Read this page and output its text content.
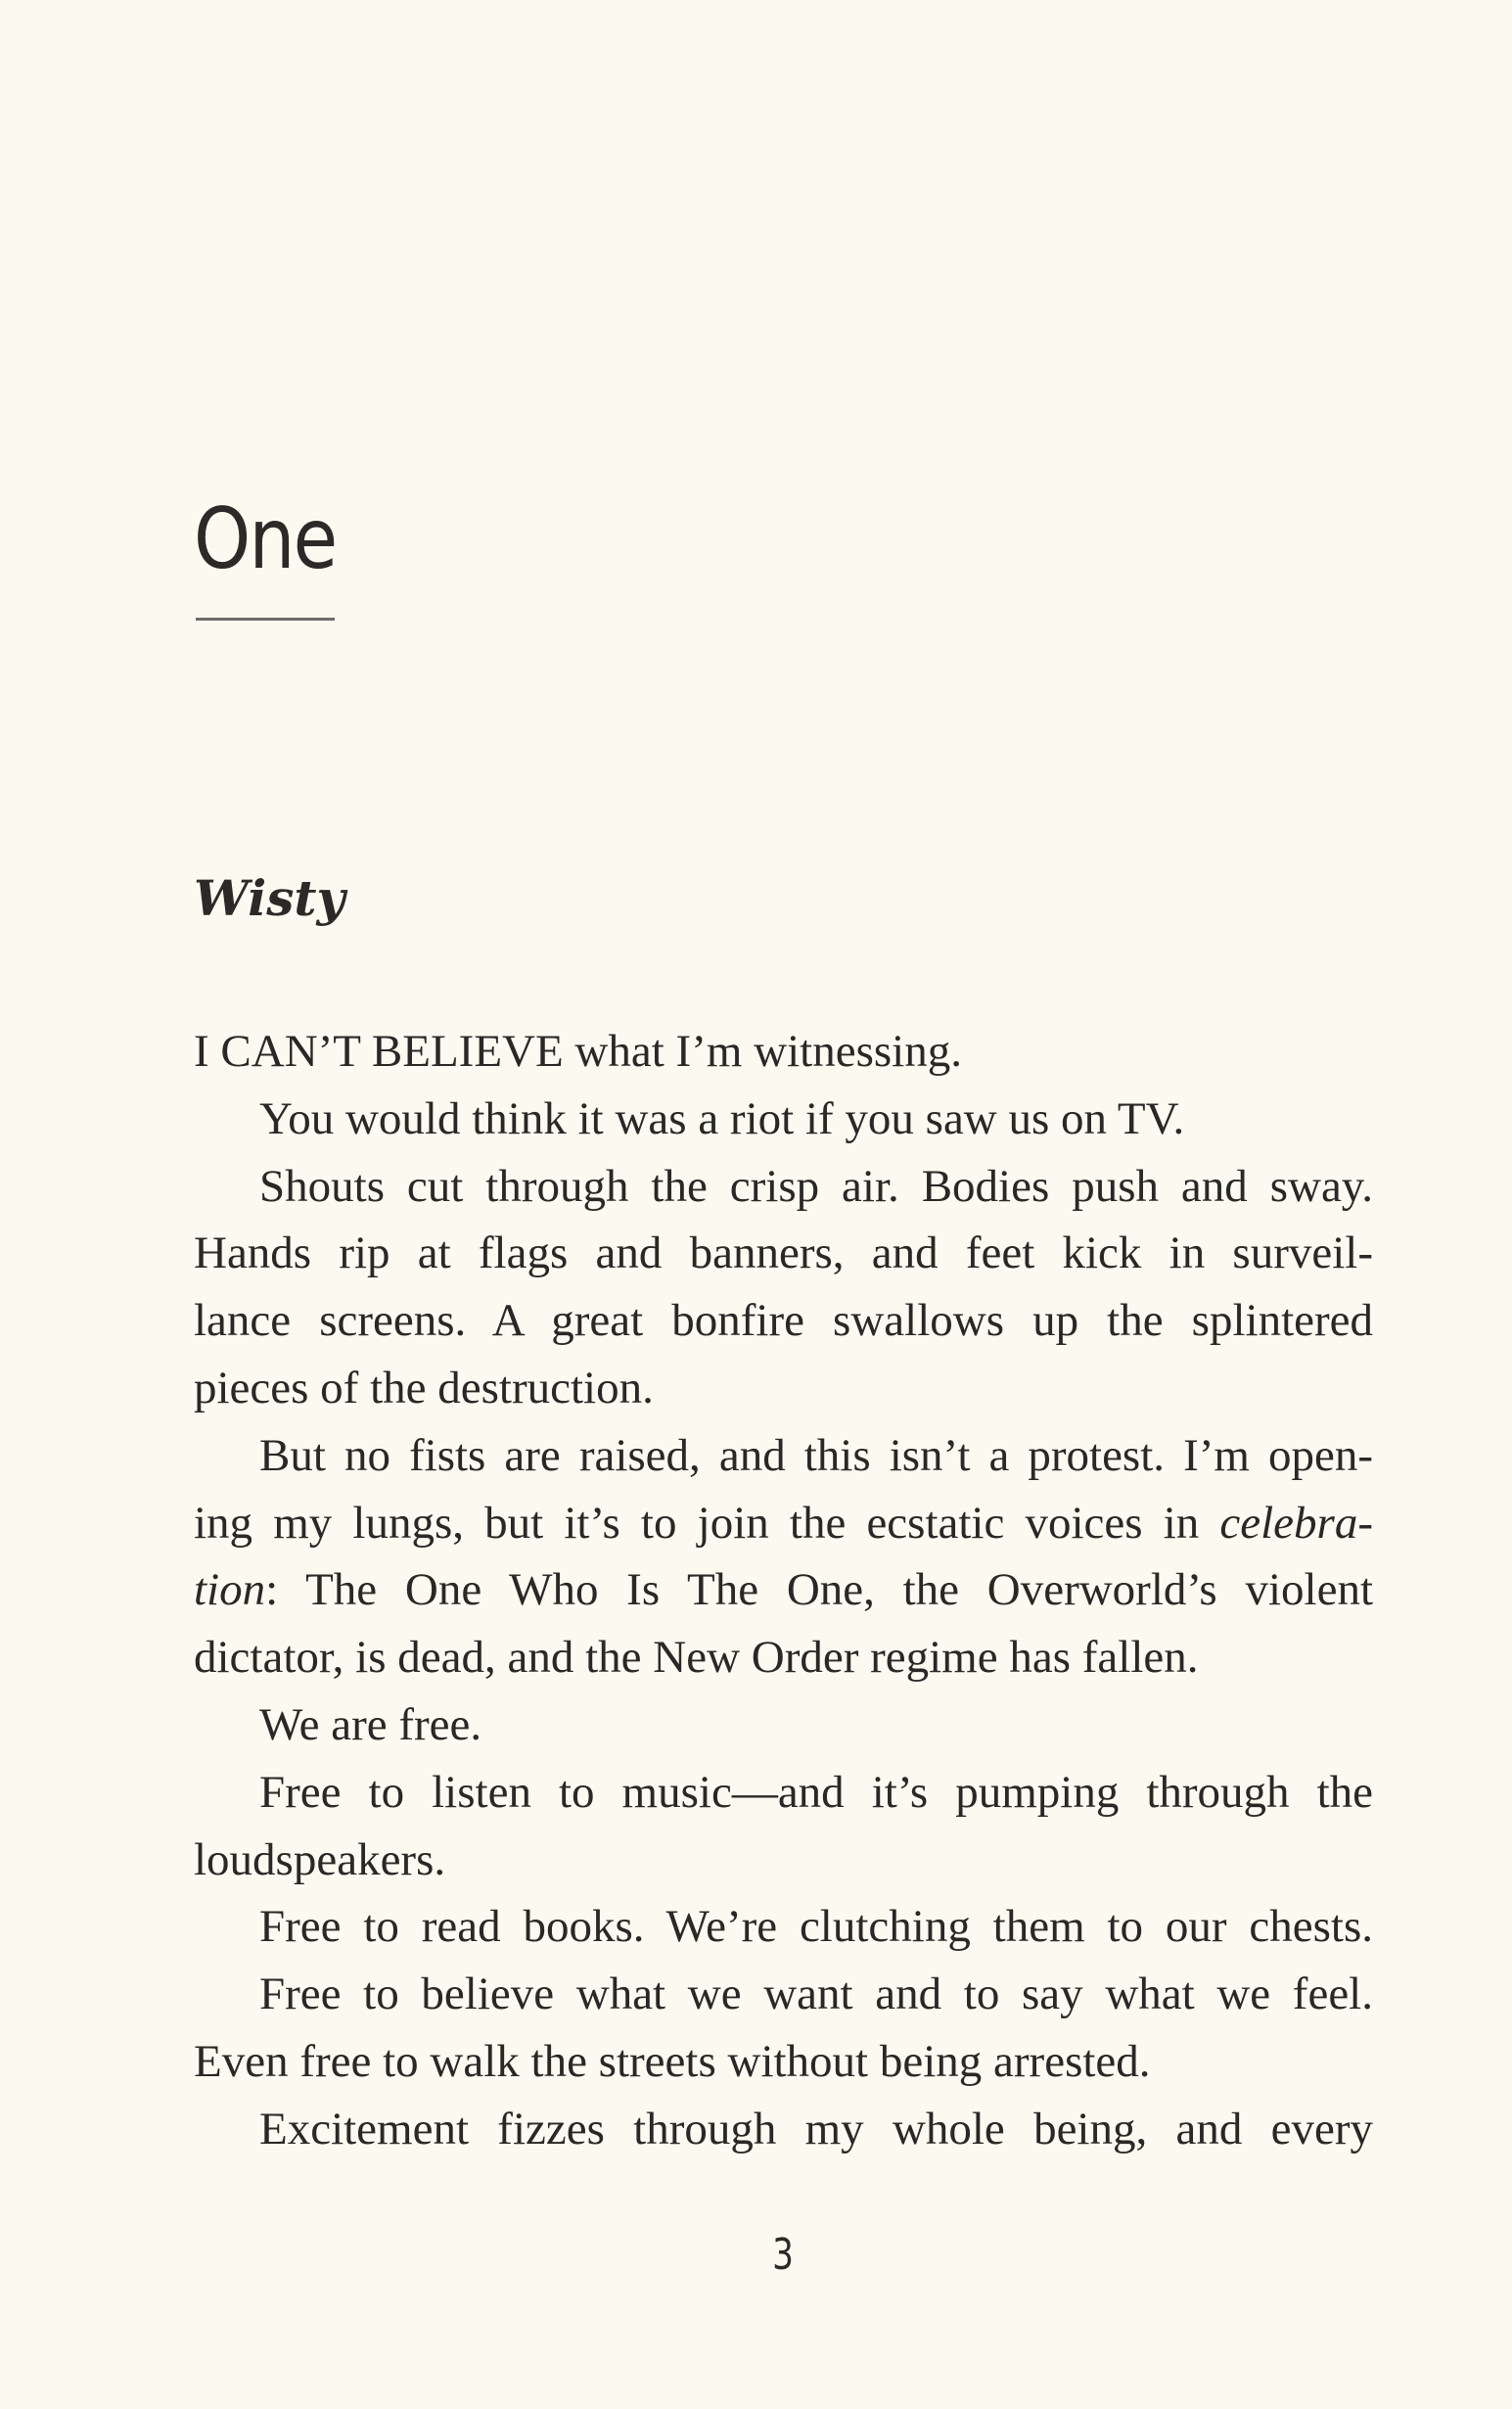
One
Wisty
I CAN’T BELIEVE what I’m witnessing.
You would think it was a riot if you saw us on TV.
Shouts cut through the crisp air. Bodies push and sway.
Hands rip at flags and banners, and feet kick in surveil-
lance screens. A great bonfire swallows up the splintered
pieces of the destruction.
But no fists are raised, and this isn’t a protest. I’m open-
ing my lungs, but it’s to join the ecstatic voices in celebra-
tion: The One Who Is The One, the Overworld’s violent
dictator, is dead, and the New Order regime has fallen.
We are free.
Free to listen to music—and it’s pumping through the
loudspeakers.
Free to read books. We’re clutching them to our chests.
Free to believe what we want and to say what we feel.
Even free to walk the streets without being arrested.
Excitement fizzes through my whole being, and every
3
